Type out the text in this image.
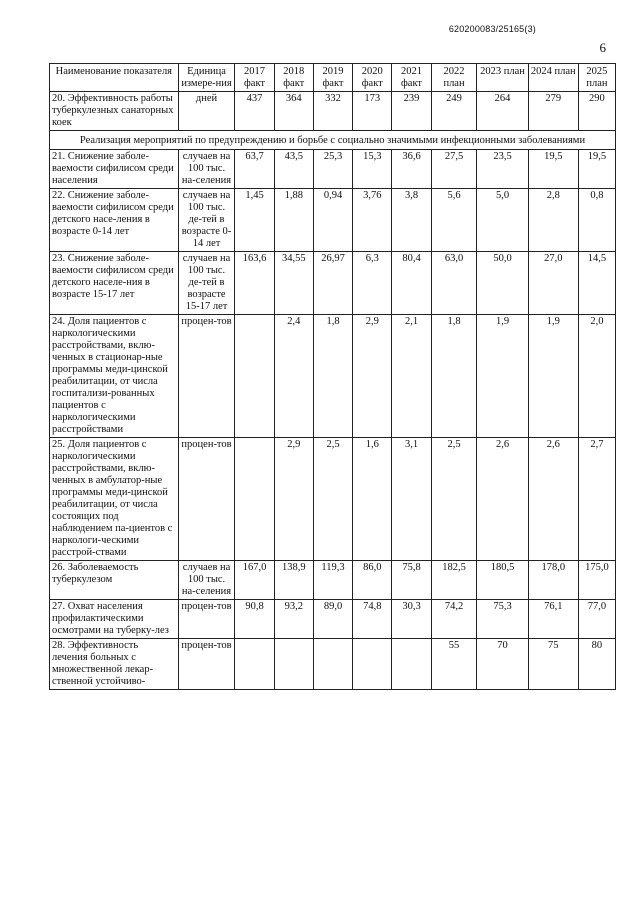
620200083/25165(3)
6
Наименование показателя	Единица измере-ния	2017 факт	2018 факт	2019 факт	2020 факт	2021 факт	2022 план	2023 план	2024 план	2025 план
20. Эффективность работы туберкулезных санаторных коек	дней	437	364	332	173	239	249	264	279	290
Реализация мероприятий по предупреждению и борьбе с социально значимыми инфекционными заболеваниями										
21. Снижение заболе-ваемости сифилисом среди населения	случаев на 100 тыс. на-селения	63,7	43,5	25,3	15,3	36,6	27,5	23,5	19,5	19,5
22. Снижение заболе-ваемости сифилисом среди детского насе-ления в возрасте 0-14 лет	случаев на 100 тыс. де-тей в возрасте 0-14 лет	1,45	1,88	0,94	3,76	3,8	5,6	5,0	2,8	0,8
23. Снижение заболе-ваемости сифилисом среди детского населе-ния в возрасте 15-17 лет	случаев на 100 тыс. де-тей в возрасте 15-17 лет	163,6	34,55	26,97	6,3	80,4	63,0	50,0	27,0	14,5
24. Доля пациентов с наркологическими расстройствами, вклю-ченных в стационар-ные программы меди-цинской реабилитации, от числа госпитализи-рованных пациентов с наркологическими расстройствами	процен-тов		2,4	1,8	2,9	2,1	1,8	1,9	1,9	2,0
25. Доля пациентов с наркологическими расстройствами, вклю-ченных в амбулатор-ные программы меди-цинской реабилитации, от числа состоящих под наблюдением па-циентов с наркологи-ческими расстрой-ствами	процен-тов		2,9	2,5	1,6	3,1	2,5	2,6	2,6	2,7
26. Заболеваемость туберкулезом	случаев на 100 тыс. на-селения	167,0	138,9	119,3	86,0	75,8	182,5	180,5	178,0	175,0
27. Охват населения профилактическими осмотрами на туберку-лез	процен-тов	90,8	93,2	89,0	74,8	30,3	74,2	75,3	76,1	77,0
28. Эффективность лечения больных с множественной лекар-ственной устойчиво-	процен-тов						55	70	75	80
